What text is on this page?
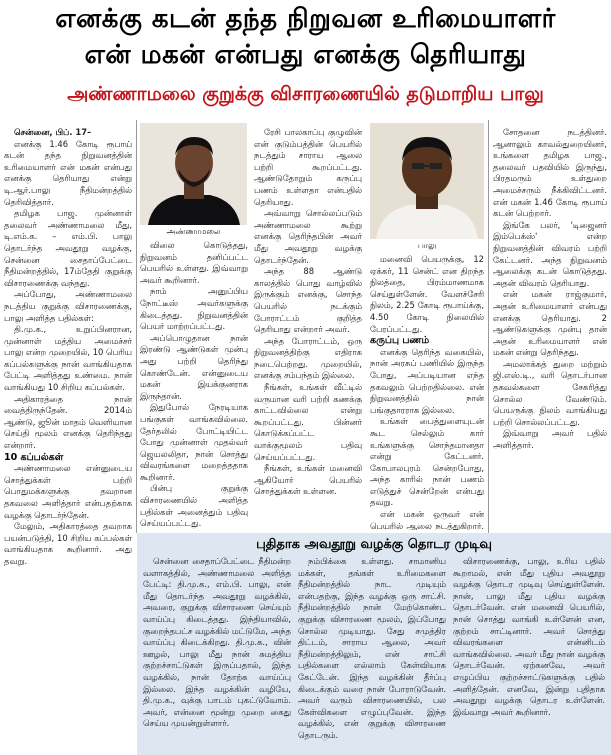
எனக்கு கடன் தந்த நிறுவன உரிமையாளர்
என் மகன் என்பது எனக்கு தெரியாது
அண்ணாமலை குறுக்கு விசாரணையில் தடுமாறிய பாலு

சென்னை, பிப். 17–

எனக்கு 1.46 கோடி ரூபாய் கடன் தந்த நிறுவனத்தின் உரிமையாளர் என் மகன் என்பது எனக்கு தெரியாது என்று டி.ஆர்.பாலு நீதிமன்றத்தில் தெரிவித்தார்.

தமிழக பாஜ. முன்னாள் தலைவர் அண்ணாமலை மீது, டி.எம்.க. – எம்.பி. பாலு தொடர்ந்த அவதூறு வழக்கு, சென்னை சைதாப்பேட்டை நீதிமன்றத்தில், 17ம்தேதி குறுக்கு விசாரணைக்கு வந்தது.

அப்போது, அண்ணாமலை நடத்திய குறுக்கு விசாரணைக்கு, பாலு அளித்த பதில்கள்:

தி.மு.க., உறுப்பினரான, முன்னாள் மத்திய அமைச்சர் பாலு என்ற முறையில், 10 பெரிய கப்பல்களுக்கு நான் வாங்கியதாக பேட்டி அளித்தது உண்மை. நான் வாங்கியது 10 சிறிய கப்பல்கள்.

அதிகாரத்தை நான் வைத்திருந்தேன். 2014ம் ஆண்டு, ஜூன் மாதம் வெளியான செய்தி மூலம் எனக்கு தெரிந்தது என்றார்.

10 கப்பல்கள்

அண்ணாமலை என்னுடைய சொத்துக்கள் பற்றி பொதுமக்களுக்கு தவறான தகவலை அளித்தார் என்பதற்காக வழக்கு தொடர்ந்தேன்.

மேலும், அதிகாரத்தை தவறாக பயன்படுத்தி, 10 சிறிய கப்பல்கள் வாங்கியதாக கூறினார். அது தவறு.

அண்ணாமலை

விலை கொடுத்தது, நிறுவனம் தனிப்பட்ட பெயரில் உள்ளது. இவ்வாறு அவர் கூறினார்.

நாம் அனுப்பிய நோட்டீஸ் அவர்களுக்கு கிடைத்தது. நிறுவனத்தின் பெயர் மாற்றப்பட்டது.

அப்பொழுதான நான் இரண்டு ஆண்டுகள் முன்பு அது பற்றி தெரிந்து கொண்டேன். என்னுடைய மகன் இயக்குனராக இருந்தான்.

இதுபோல் நேரடியாக பங்குகள் வாங்கவில்லை. தேர்தலில் போட்டியிட்ட போது முன்னாள் முதல்வர் ஜெயலலிதா, நான் சொத்து விவரங்களை மறைத்ததாக கூறினார்.

பின்பு குறுக்கு விசாரணையில் அளித்த பதில்கள் அனைத்தும் பதிவு செய்யப்பட்டது.

ரேசி பாலகாப்பு குழுவின் என் குடும்பத்தின் பெயரில் நடத்தும் சாராய ஆலை பற்றி கூறப்பட்டது. ஆண்டுதோறும் கருப்பு பணம் உள்ளதா என்பதில் தெரியாது.

அவ்வாறு சொல்லப்படும் அண்ணாமலை கூற்று எனக்கு தெரிந்தபின் அவர் மீது அவதூறு வழக்கு தொடர்ந்தேன்.

அந்த 88 ஆண்டு காலத்தில் பொது வாழ்வில் இருக்கும் எனக்கு, சொந்த பெயரில் நடக்கும் போராட்டம் குறித்த தெரியாது என்றார் அவர்.

அந்த போராட்டம், ஒரு நிறுவனத்திற்கு எதிராக நடைபெற்றது. முறையில், எனக்கு சம்பந்தம் இல்லை.

நீங்கள், உங்கள் வீட்டில் வருமான வரி பற்றி கணக்கு காட்டவில்லை என்று கூறப்பட்டது. பின்னர் கொடுக்கப்பட்ட வாக்குமூலம் பதிவு செய்யப்பட்டது.

நீங்கள், உங்கள் மனைவி ஆகியோர் பெயரில் சொத்துக்கள் உள்ளன.

பாலு

மனைவி பெயருக்கு, 12 ஏக்கர், 11 சென்ட் என திறந்த நிலத்தை, பிரம்மாணமாக செய்துள்ளேன். வேளச்சேரி நிலம், 2.25 கோடி ரூபாய்க்கு, 4.50 கோடி நிலையில் பேரப்பட்டது.

கருப்பு பணம்

எனக்கு தெரிந்த வகையில், நான் அரசுப் பணியில் இருந்த போது, அப்படியான எந்த தகவலும் பெற்றதில்லை. என் நிறுவனத்தில் நான் பங்குதாரராக இல்லை.

உங்கள் பைத்துளையுடன் கூட செல்லும் கார் உங்களுக்கு சொந்தமானதா என்று கேட்டனர். கோபாலபுரம் சென்றபோது, அந்த காரில் நான் பணம் எடுத்துச் சென்றேன் என்பது தவறு.

என் மகன் ஒருவர் என் பெயரில் ஆலை நடத்துகிறார்.

சோதனை நடத்தினர். ஆனாலும் காவல்துறையினர், உங்களை தமிழக பாஜ., தலைவர் பதவியில் இருந்து, பிரதமரும் உள்துறை அமைச்சரும் நீக்கிவிட்டனர். என் மகன் 1.46 கோடி ரூபாய் கடன் பெற்றார்.

இங்கே பலர், 'டிஜைனர் இம்பெக்ஸ்' என்ற நிறுவனத்தின் விவரம் பற்றி கேட்டனர். அந்த நிறுவனம் ஆலைக்கு கடன் கொடுத்தது. அதன் விவரம் தெரியாது.

என் மகன் ராஜ்குமார், அதன் உரிமையாளர் என்பது எனக்கு தெரியாது. 2 ஆண்டுகளுக்கு முன்பு தான் அதன் உரிமையாளர் என் மகன் என்று தெரிந்தது.

அமலாக்கத் துறை மற்றும் ஜி.எஸ்.டி., வரி தொடர்பான தகவல்களை சேகரித்து சொல்ல வேண்டும். பெயருக்கு நிலம் வாங்கியது பற்றி சொல்லப்பட்டது.

இவ்வாறு அவர் பதில் அளித்தார்.

புதிதாக அவதூறு வழக்கு தொடர முடிவு

சென்னை சைதாப்பேட்டை நீதிமன்ற வளாகத்தில், அண்ணாமலை அளித்த பேட்டி: தி.மு.க., எம்.பி. பாலு, என் மீது தொடர்ந்த அவதூறு வழக்கில், அவரை, குறுக்கு விசாரணை செய்யும் வாய்ப்பு கிடைத்தது. இந்தியாவில், குறைந்தபட்ச வழக்கில் மட்டுமே, அந்த வாய்ப்பு கிடைக்கிறது. தி.மு.க., வின் ஊழல், பாலு மீது நான் சுமத்திய குற்றச்சாட்டுகள் இருப்பதால், இந்த வழக்கில், நான் தோற்க வாய்ப்பு இல்லை. இந்த வழக்கின் வழியே, தி.மு.க., வுக்கு பாடம் புகட்டுவோம். அவர், என்னை மூன்று முறை கைது செய்ய முயன்றுள்ளார்.

நம்பிக்கை உள்ளது. சாமானிய மக்கள், தங்கள் உரிமைகளை நீதிமன்றத்தில் நாட முடியும் என்பதற்கு, இந்த வழக்கு ஒரு சாட்சி. நீதிமன்றத்தில் நான் மேற்கொண்ட குறுக்கு விசாரணை மூலம், இப்போது சொல்ல முடியாது. சேது சமுத்திர திட்டம், சாராய ஆலை, அவர் நீதிமன்றத்திலும், என் சாட்சி பதில்களை எல்லாம் கேள்வியாக கேட்டேன். இந்த வழக்கின் தீர்ப்பு கிடைக்கும் வரை நான் போராடுவேன். அவர் வரும் விசாரணையில், பல கேள்விகளை எழுப்புவேன். இந்த வழக்கில், என் குறுக்கு விசாரணை தொடரும்.

விசாரணைக்கு, பாலு, உரிய பதில் கூறாமல், என் மீது புதிய அவதூறு வழக்கு தொடர முடிவு செய்துள்ளேன். நான், பாலு மீது புதிய வழக்கு தொடர்வேன். என் மனைவி பெயரில், நான் சொத்து வாங்கி உள்ளேன் என, குற்றம் சாட்டினார். அவர் சொத்து விவரங்களை என்னிடம் வாங்கவில்லை. அவர் மீது நான் வழக்கு தொடர்வேன். ஏற்கனவே, அவர் எழுப்பிய குற்றச்சாட்டுகளுக்கு பதில் அளித்தேன். எனவே, இன்று புதிதாக அவதூறு வழக்கு தொடர உள்ளேன். இவ்வாறு அவர் கூறினார்.
